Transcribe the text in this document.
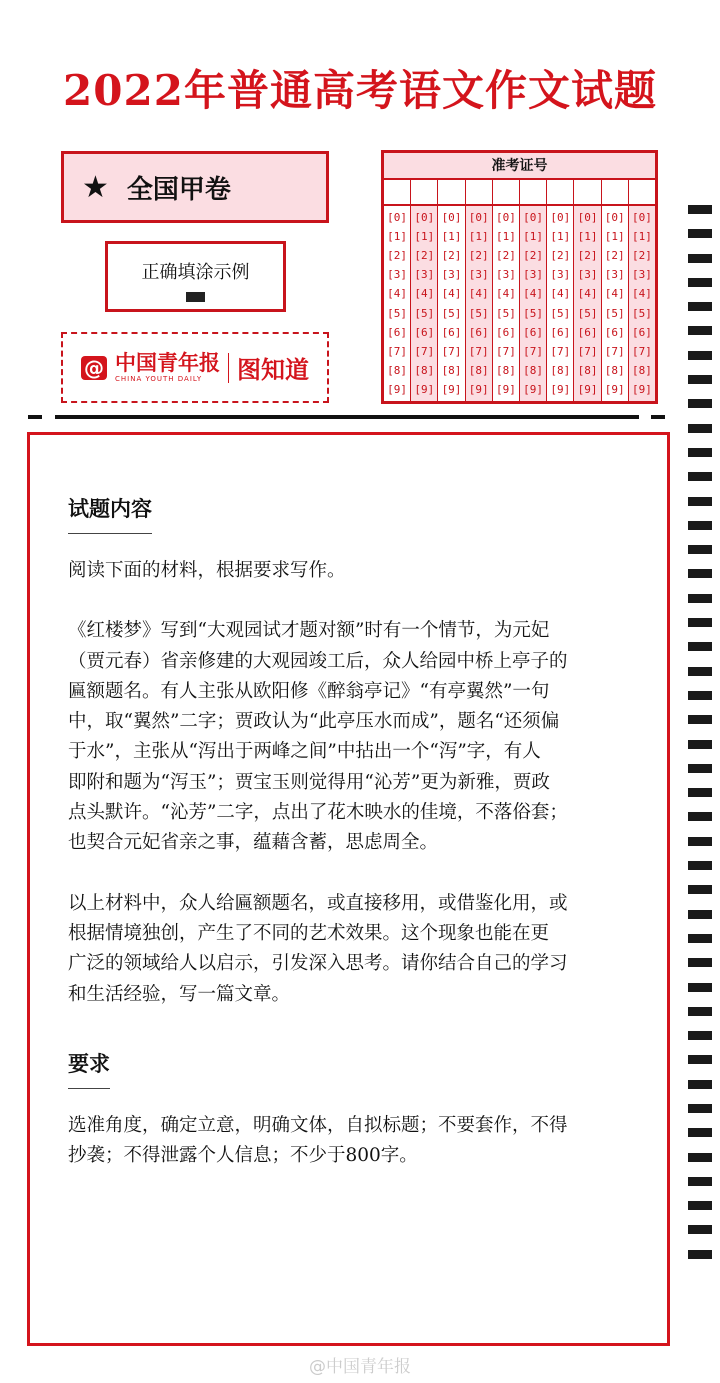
2022年普通高考语文作文试题
★ 全国甲卷
正确填涂示例
@ 中国青年报
CHINA YOUTH DAILY	图知道
准考证号
[0]
[1]
[2]
[3]
[4]
[5]
[6]
[7]
[8]
[9]
[0]
[1]
[2]
[3]
[4]
[5]
[6]
[7]
[8]
[9]
[0]
[1]
[2]
[3]
[4]
[5]
[6]
[7]
[8]
[9]
[0]
[1]
[2]
[3]
[4]
[5]
[6]
[7]
[8]
[9]
[0]
[1]
[2]
[3]
[4]
[5]
[6]
[7]
[8]
[9]
[0]
[1]
[2]
[3]
[4]
[5]
[6]
[7]
[8]
[9]
[0]
[1]
[2]
[3]
[4]
[5]
[6]
[7]
[8]
[9]
[0]
[1]
[2]
[3]
[4]
[5]
[6]
[7]
[8]
[9]
[0]
[1]
[2]
[3]
[4]
[5]
[6]
[7]
[8]
[9]
[0]
[1]
[2]
[3]
[4]
[5]
[6]
[7]
[8]
[9]
试题内容
阅读下面的材料，根据要求写作。
《红楼梦》写到“大观园试才题对额”时有一个情节，为元妃
（贾元春）省亲修建的大观园竣工后，众人给园中桥上亭子的
匾额题名。有人主张从欧阳修《醉翁亭记》“有亭翼然”一句
中，取“翼然”二字；贾政认为“此亭压水而成”，题名“还须偏
于水”，主张从“泻出于两峰之间”中拈出一个“泻”字，有人
即附和题为“泻玉”；贾宝玉则觉得用“沁芳”更为新雅，贾政
点头默许。“沁芳”二字，点出了花木映水的佳境，不落俗套；
也契合元妃省亲之事，蕴藉含蓄，思虑周全。
以上材料中，众人给匾额题名，或直接移用，或借鉴化用，或
根据情境独创，产生了不同的艺术效果。这个现象也能在更
广泛的领域给人以启示，引发深入思考。请你结合自己的学习
和生活经验，写一篇文章。
要求
选准角度，确定立意，明确文体，自拟标题；不要套作，不得
抄袭；不得泄露个人信息；不少于800字。
@中国青年报
